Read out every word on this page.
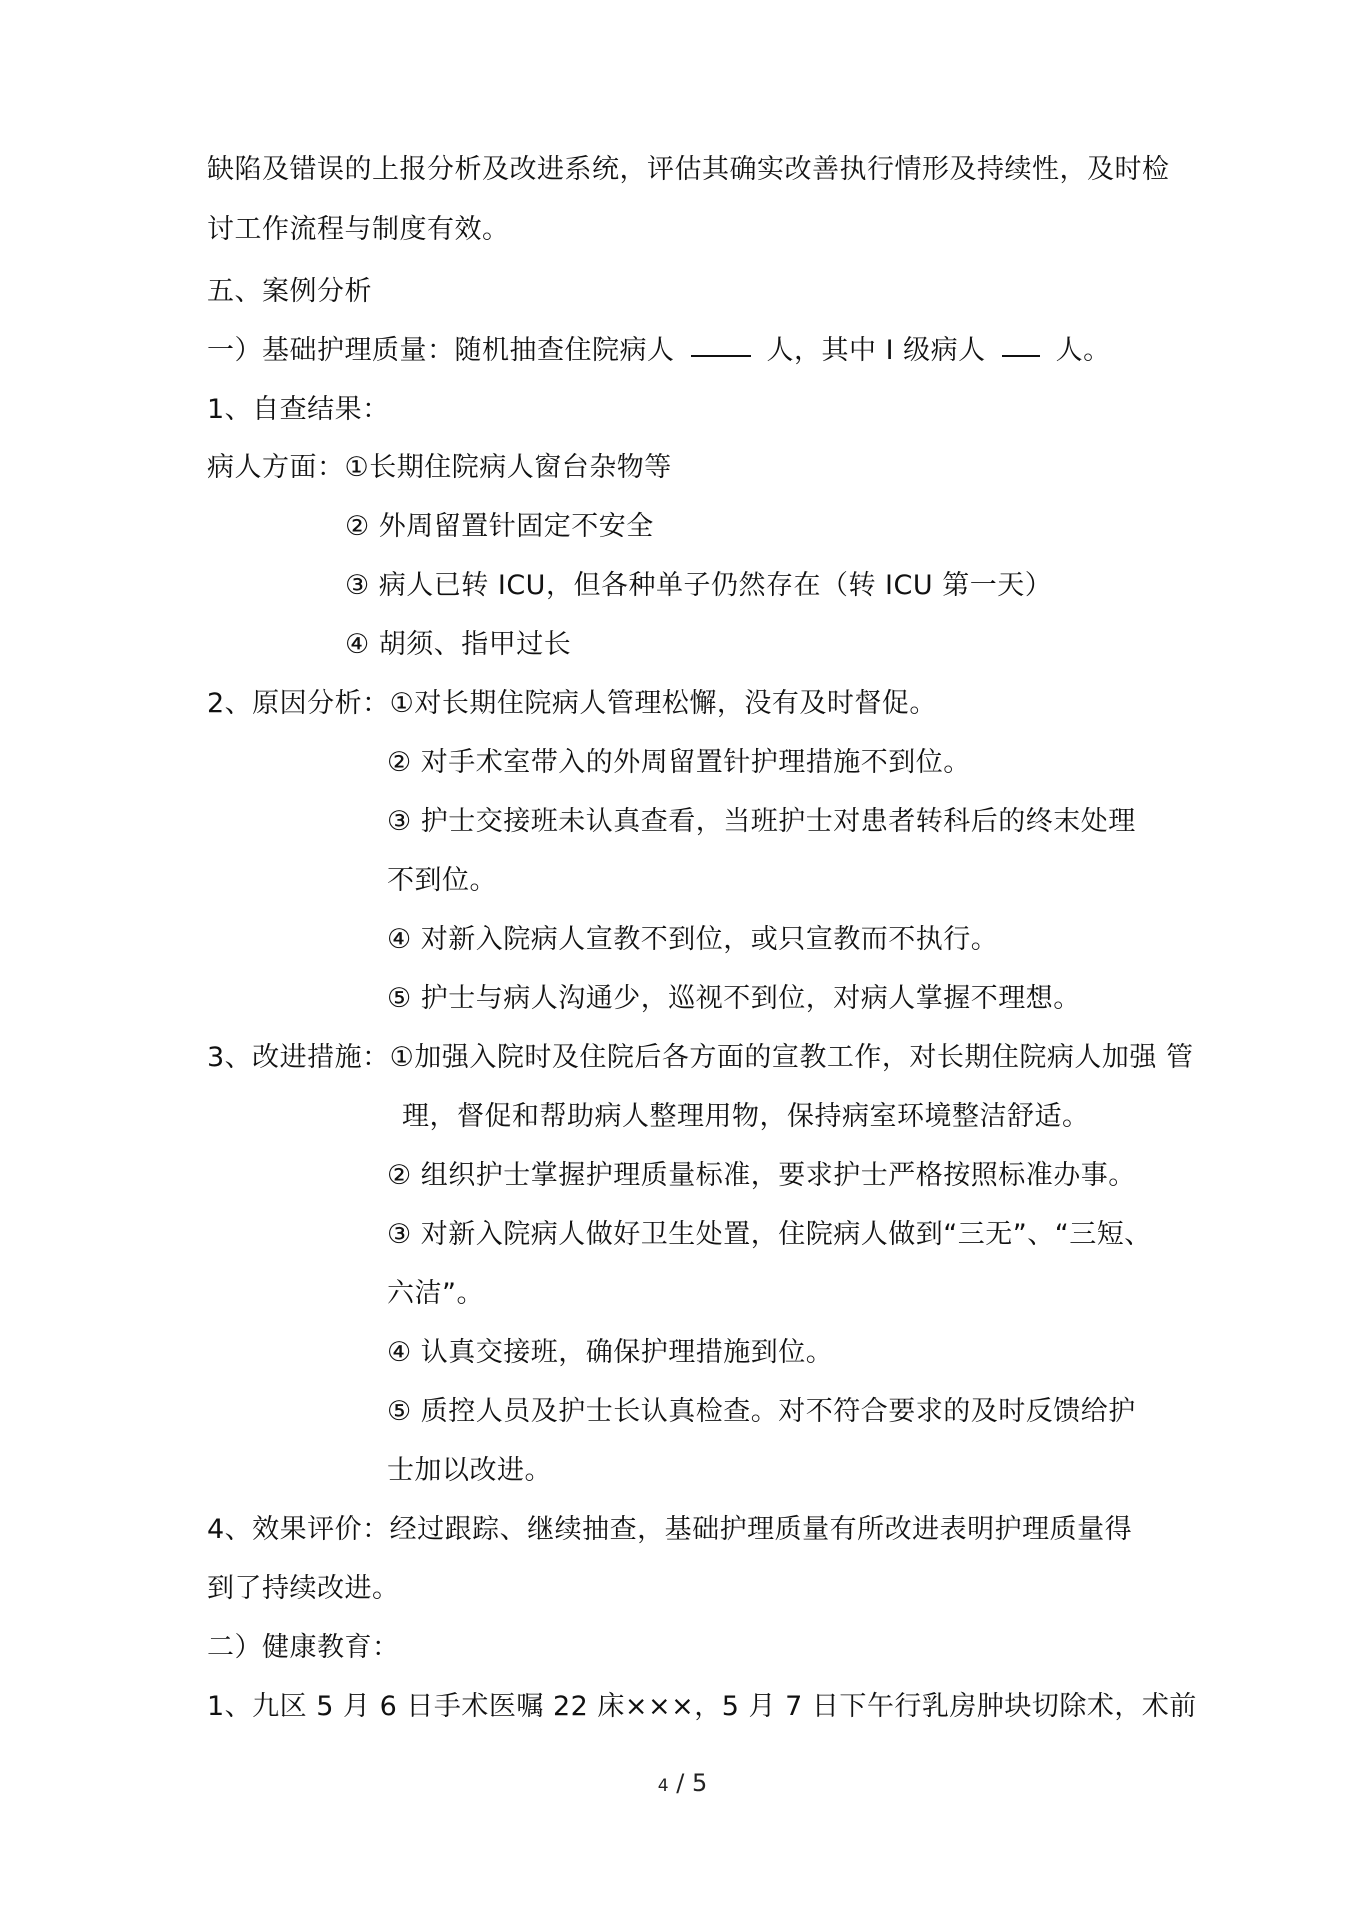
缺陷及错误的上报分析及改进系统，评估其确实改善执行情形及持续性，及时检
讨工作流程与制度有效。
五、案例分析
一）基础护理质量：随机抽查住院病人	人，其中 I 级病人	人。
1、自查结果：
病人方面：①长期住院病人窗台杂物等
② 外周留置针固定不安全
③ 病人已转 ICU，但各种单子仍然存在（转 ICU 第一天）
④ 胡须、指甲过长
2、原因分析：①对长期住院病人管理松懈，没有及时督促。
② 对手术室带入的外周留置针护理措施不到位。
③ 护士交接班未认真查看，当班护士对患者转科后的终末处理
不到位。
④ 对新入院病人宣教不到位，或只宣教而不执行。
⑤ 护士与病人沟通少，巡视不到位，对病人掌握不理想。
3、改进措施：①加强入院时及住院后各方面的宣教工作，对长期住院病人加强 管
理，督促和帮助病人整理用物，保持病室环境整洁舒适。
② 组织护士掌握护理质量标准，要求护士严格按照标准办事。
③ 对新入院病人做好卫生处置，住院病人做到“三无”、“三短、
六洁”。
④ 认真交接班，确保护理措施到位。
⑤ 质控人员及护士长认真检查。对不符合要求的及时反馈给护
士加以改进。
4、效果评价：经过跟踪、继续抽查，基础护理质量有所改进表明护理质量得
到了持续改进。
二）健康教育：
1、九区 5 月 6 日手术医嘱 22 床×××，5 月 7 日下午行乳房肿块切除术，术前
4 / 5
